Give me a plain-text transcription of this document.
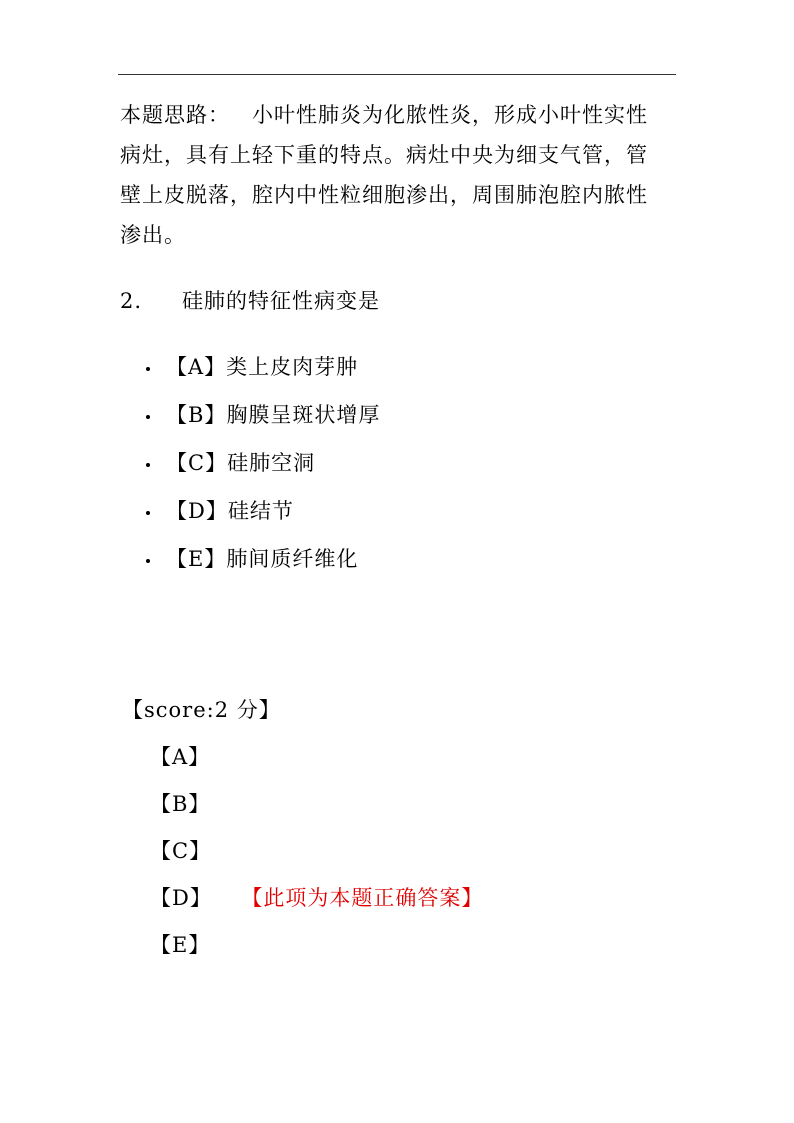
本题思路： 小叶性肺炎为化脓性炎，形成小叶性实性病灶，具有上轻下重的特点。病灶中央为细支气管，管壁上皮脱落，腔内中性粒细胞渗出，周围肺泡腔内脓性渗出。
2. 硅肺的特征性病变是
【A】 类上皮肉芽肿
【B】 胸膜呈斑状增厚
【C】 硅肺空洞
【D】 硅结节
【E】 肺间质纤维化
【score:2 分】
【A】
【B】
【C】
【D】 【此项为本题正确答案】
【E】
